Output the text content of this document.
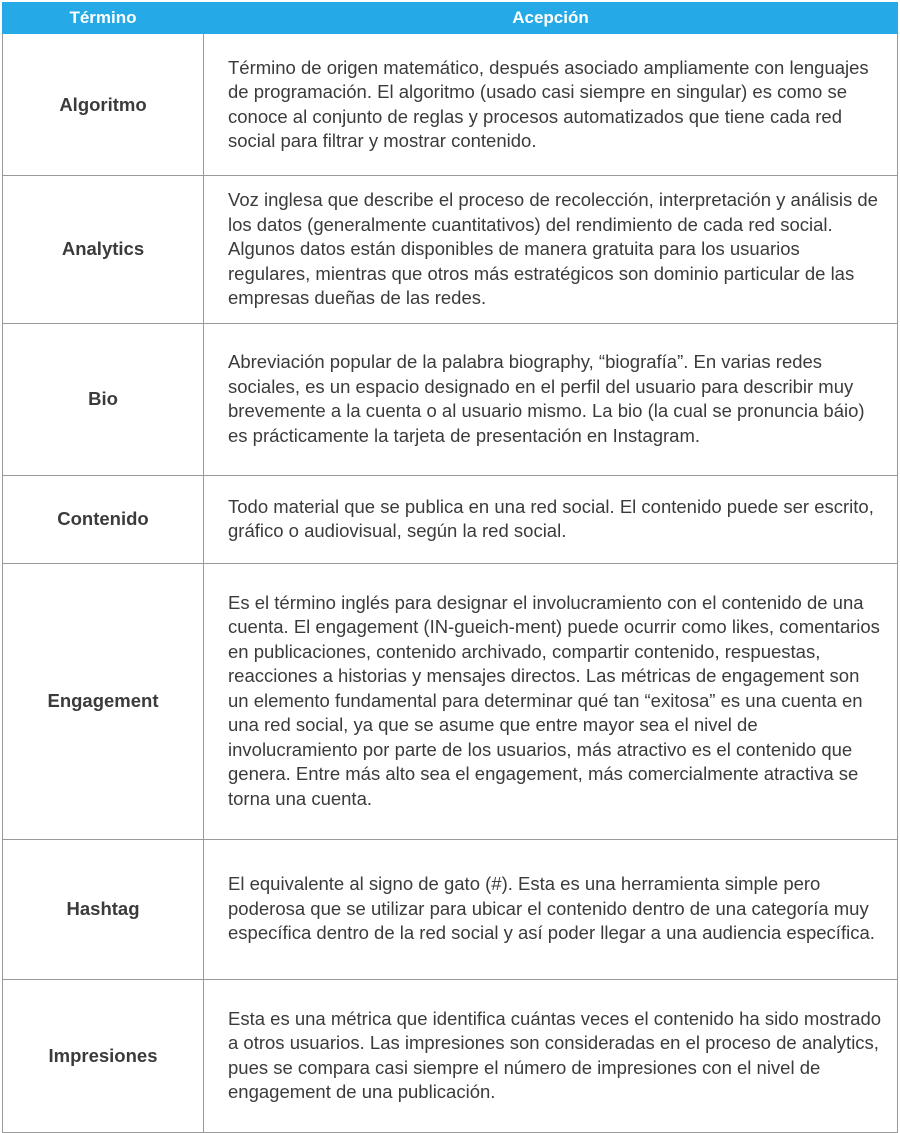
Término	Acepción
Algoritmo	Término de origen matemático, después asociado ampliamente con lenguajes de programación. El algoritmo (usado casi siempre en singular) es como se conoce al conjunto de reglas y procesos automatizados que tiene cada red social para filtrar y mostrar contenido.
Analytics	Voz inglesa que describe el proceso de recolección, interpretación y análisis de los datos (generalmente cuantitativos) del rendimiento de cada red social. Algunos datos están disponibles de manera gratuita para los usuarios regulares, mientras que otros más estratégicos son dominio particular de las empresas dueñas de las redes.
Bio	Abreviación popular de la palabra biography, “biografía”. En varias redes sociales, es un espacio designado en el perfil del usuario para describir muy brevemente a la cuenta o al usuario mismo. La bio (la cual se pronuncia báio) es prácticamente la tarjeta de presentación en Instagram.
Contenido	Todo material que se publica en una red social. El contenido puede ser escrito, gráfico o audiovisual, según la red social.
Engagement	Es el término inglés para designar el involucramiento con el contenido de una cuenta. El engagement (IN-gueich-ment) puede ocurrir como likes, comentarios en publicaciones, contenido archivado, compartir contenido, respuestas, reacciones a historias y mensajes directos. Las métricas de engagement son un elemento fundamental para determinar qué tan “exitosa” es una cuenta en una red social, ya que se asume que entre mayor sea el nivel de involucramiento por parte de los usuarios, más atractivo es el contenido que genera. Entre más alto sea el engagement, más comercialmente atractiva se torna una cuenta.
Hashtag	El equivalente al signo de gato (#). Esta es una herramienta simple pero poderosa que se utilizar para ubicar el contenido dentro de una categoría muy específica dentro de la red social y así poder llegar a una audiencia específica.
Impresiones	Esta es una métrica que identifica cuántas veces el contenido ha sido mostrado a otros usuarios. Las impresiones son consideradas en el proceso de analytics, pues se compara casi siempre el número de impresiones con el nivel de engagement de una publicación.
